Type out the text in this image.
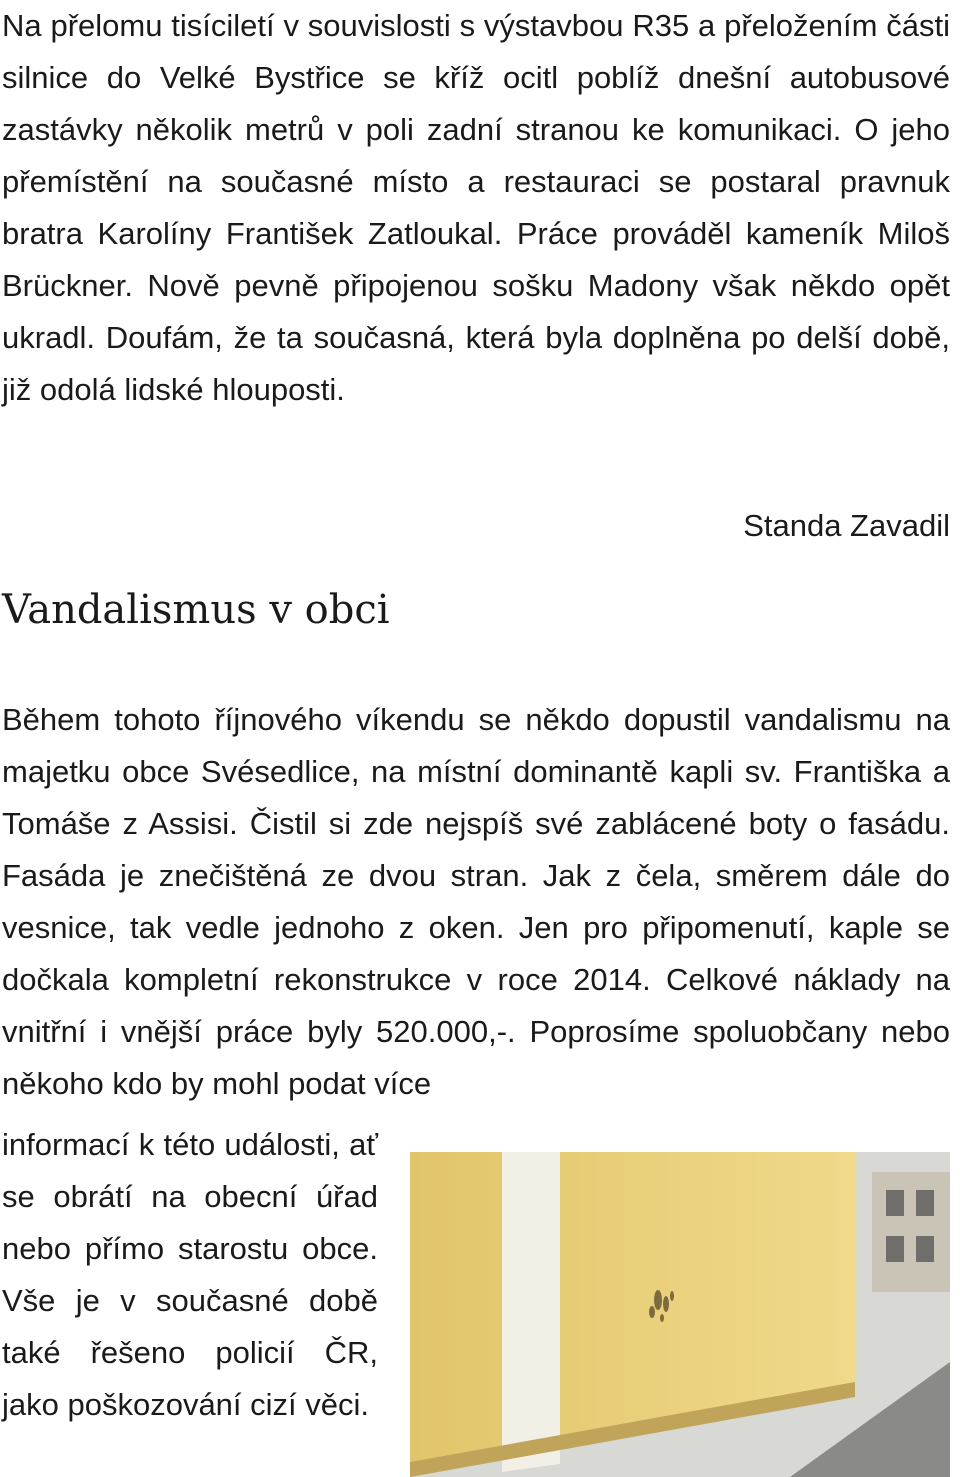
Na přelomu tisíciletí v souvislosti s výstavbou R35 a přeložením části silnice do Velké Bystřice se kříž ocitl poblíž dnešní autobusové zastávky několik metrů v poli zadní stranou ke komunikaci. O jeho přemístění na současné místo a restauraci se postaral pravnuk bratra Karolíny František Zatloukal. Práce prováděl kameník Miloš Brückner. Nově pevně připojenou sošku Madony však někdo opět ukradl. Doufám, že ta současná, která byla doplněna po delší době, již odolá lidské hlouposti.

Standa Zavadil

Vandalismus v obci

Během tohoto říjnového víkendu se někdo dopustil vandalismu na majetku obce Svésedlice, na místní dominantě kapli sv. Františka a Tomáše z Assisi. Čistil si zde nejspíš své zablácené boty o fasádu. Fasáda je znečištěná ze dvou stran. Jak z čela, směrem dále do vesnice, tak vedle jednoho z oken. Jen pro připomenutí, kaple se dočkala kompletní rekonstrukce v roce 2014. Celkové náklady na vnitřní i vnější práce byly 520.000,-. Poprosíme spoluobčany nebo někoho kdo by mohl podat více

informací k této události, ať se obrátí na obecní úřad nebo přímo starostu obce. Vše je v současné době také řešeno policií ČR, jako poškozování cizí věci.
